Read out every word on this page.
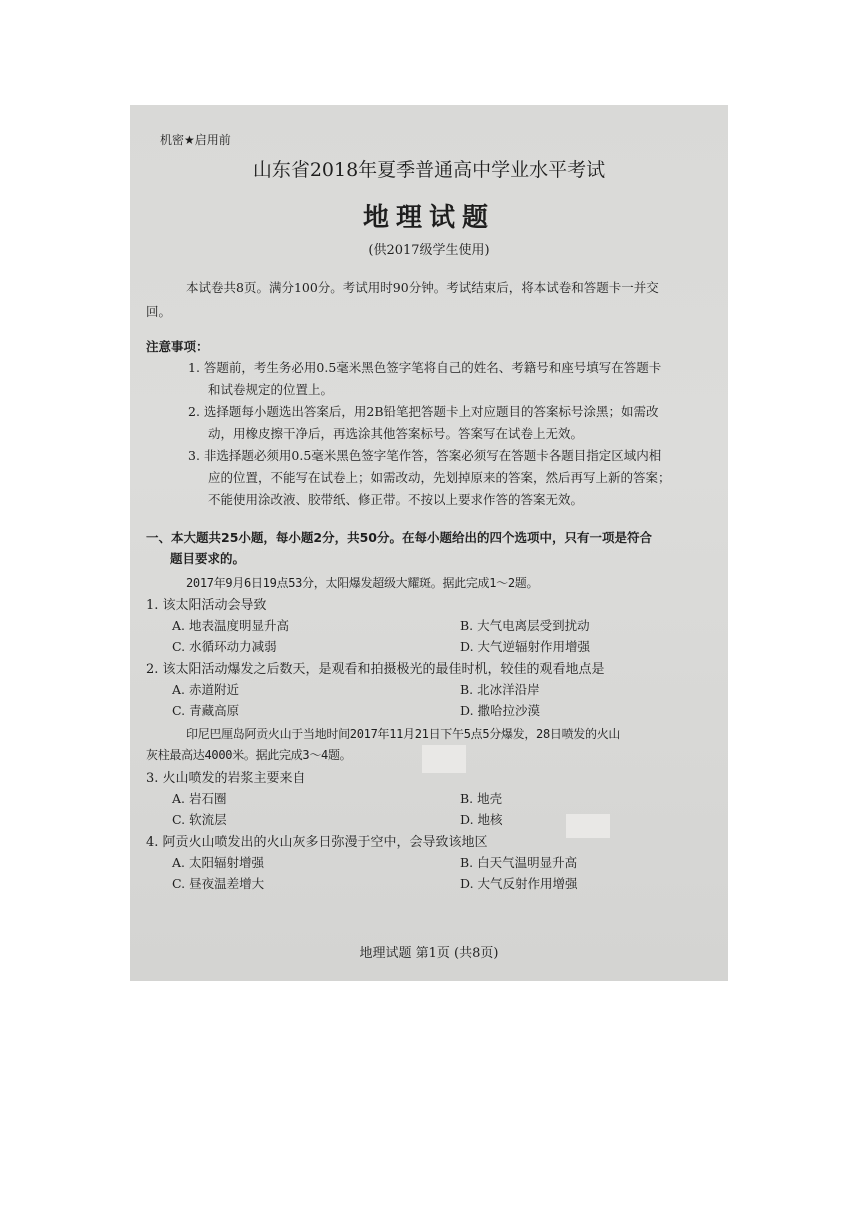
机密★启用前
山东省2018年夏季普通高中学业水平考试
地理试题
(供2017级学生使用)
本试卷共8页。满分100分。考试用时90分钟。考试结束后，将本试卷和答题卡一并交
回。
注意事项：
1. 答题前，考生务必用0.5毫米黑色签字笔将自己的姓名、考籍号和座号填写在答题卡
和试卷规定的位置上。
2. 选择题每小题选出答案后，用2B铅笔把答题卡上对应题目的答案标号涂黑；如需改
动，用橡皮擦干净后，再选涂其他答案标号。答案写在试卷上无效。
3. 非选择题必须用0.5毫米黑色签字笔作答，答案必须写在答题卡各题目指定区域内相
应的位置，不能写在试卷上；如需改动，先划掉原来的答案，然后再写上新的答案；
不能使用涂改液、胶带纸、修正带。不按以上要求作答的答案无效。
一、本大题共25小题，每小题2分，共50分。在每小题给出的四个选项中，只有一项是符合
题目要求的。
2017年9月6日19点53分，太阳爆发超级大耀斑。据此完成1～2题。
1. 该太阳活动会导致
A. 地表温度明显升高	B. 大气电离层受到扰动
C. 水循环动力减弱	D. 大气逆辐射作用增强
2. 该太阳活动爆发之后数天，是观看和拍摄极光的最佳时机，较佳的观看地点是
A. 赤道附近	B. 北冰洋沿岸
C. 青藏高原	D. 撒哈拉沙漠
印尼巴厘岛阿贡火山于当地时间2017年11月21日下午5点5分爆发，28日喷发的火山
灰柱最高达4000米。据此完成3～4题。
3. 火山喷发的岩浆主要来自
A. 岩石圈	B. 地壳
C. 软流层	D. 地核
4. 阿贡火山喷发出的火山灰多日弥漫于空中，会导致该地区
A. 太阳辐射增强	B. 白天气温明显升高
C. 昼夜温差增大	D. 大气反射作用增强
地理试题 第1页 (共8页)
